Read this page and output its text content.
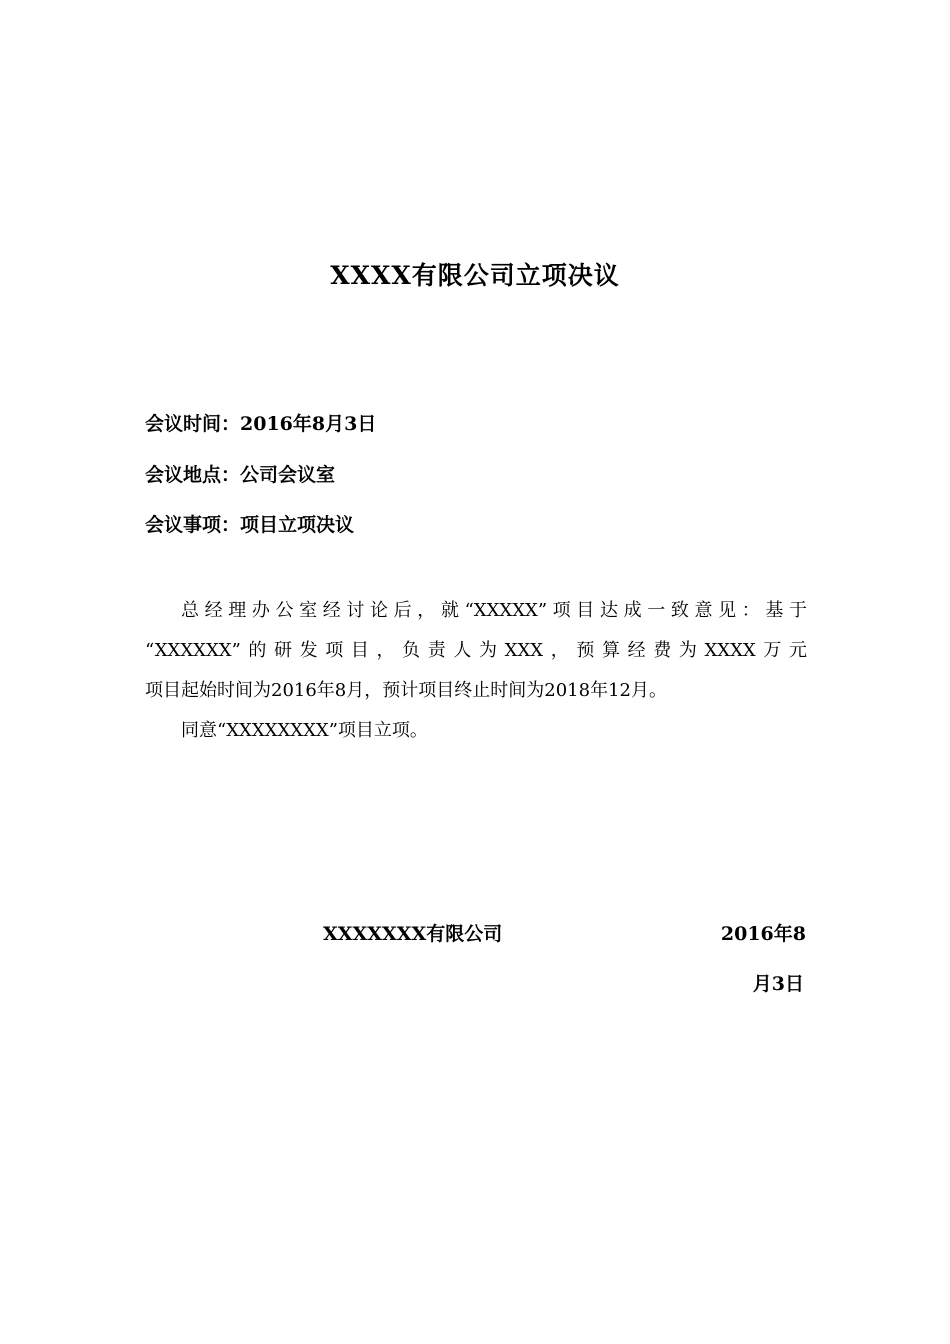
XXXX有限公司立项决议
会议时间：2016年8月3日
会议地点：公司会议室
会议事项：项目立项决议
总经理办公室经讨论后，就“XXXXX”项目达成一致意见：基于
“XXXXXX”的研发项目，负责人为XXX，预算经费为XXXX万元
项目起始时间为2016年8月，预计项目终止时间为2018年12月。
同意“XXXXXXXX”项目立项。
XXXXXXX有限公司	2016年8
月3日
